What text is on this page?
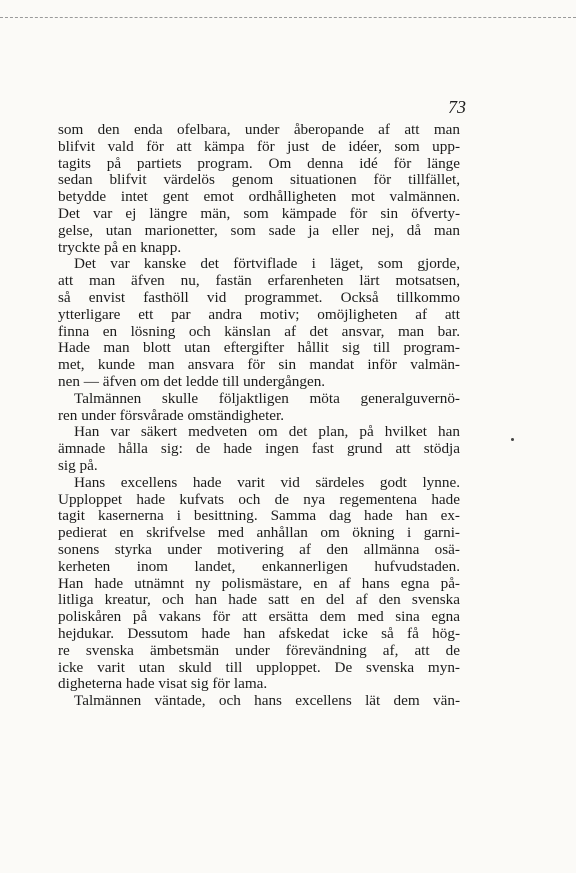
73
som den enda ofelbara, under åberopande af att man
blifvit vald för att kämpa för just de idéer, som upp-
tagits på partiets program. Om denna idé för länge
sedan blifvit värdelös genom situationen för tillfället,
betydde intet gent emot ordhålligheten mot valmännen.
Det var ej längre män, som kämpade för sin öfverty-
gelse, utan marionetter, som sade ja eller nej, då man
tryckte på en knapp.
Det var kanske det förtviflade i läget, som gjorde,
att man äfven nu, fastän erfarenheten lärt motsatsen,
så envist fasthöll vid programmet. Också tillkommo
ytterligare ett par andra motiv; omöjligheten af att
finna en lösning och känslan af det ansvar, man bar.
Hade man blott utan eftergifter hållit sig till program-
met, kunde man ansvara för sin mandat inför valmän-
nen — äfven om det ledde till undergången.
Talmännen skulle följaktligen möta generalguvernö-
ren under försvårade omständigheter.
Han var säkert medveten om det plan, på hvilket han
ämnade hålla sig: de hade ingen fast grund att stödja
sig på.
Hans excellens hade varit vid särdeles godt lynne.
Upploppet hade kufvats och de nya regementena hade
tagit kasernerna i besittning. Samma dag hade han ex-
pedierat en skrifvelse med anhållan om ökning i garni-
sonens styrka under motivering af den allmänna osä-
kerheten inom landet, enkannerligen hufvudstaden.
Han hade utnämnt ny polismästare, en af hans egna på-
litliga kreatur, och han hade satt en del af den svenska
poliskåren på vakans för att ersätta dem med sina egna
hejdukar. Dessutom hade han afskedat icke så få hög-
re svenska ämbetsmän under förevändning af, att de
icke varit utan skuld till upploppet. De svenska myn-
digheterna hade visat sig för lama.
Talmännen väntade, och hans excellens lät dem vän-
